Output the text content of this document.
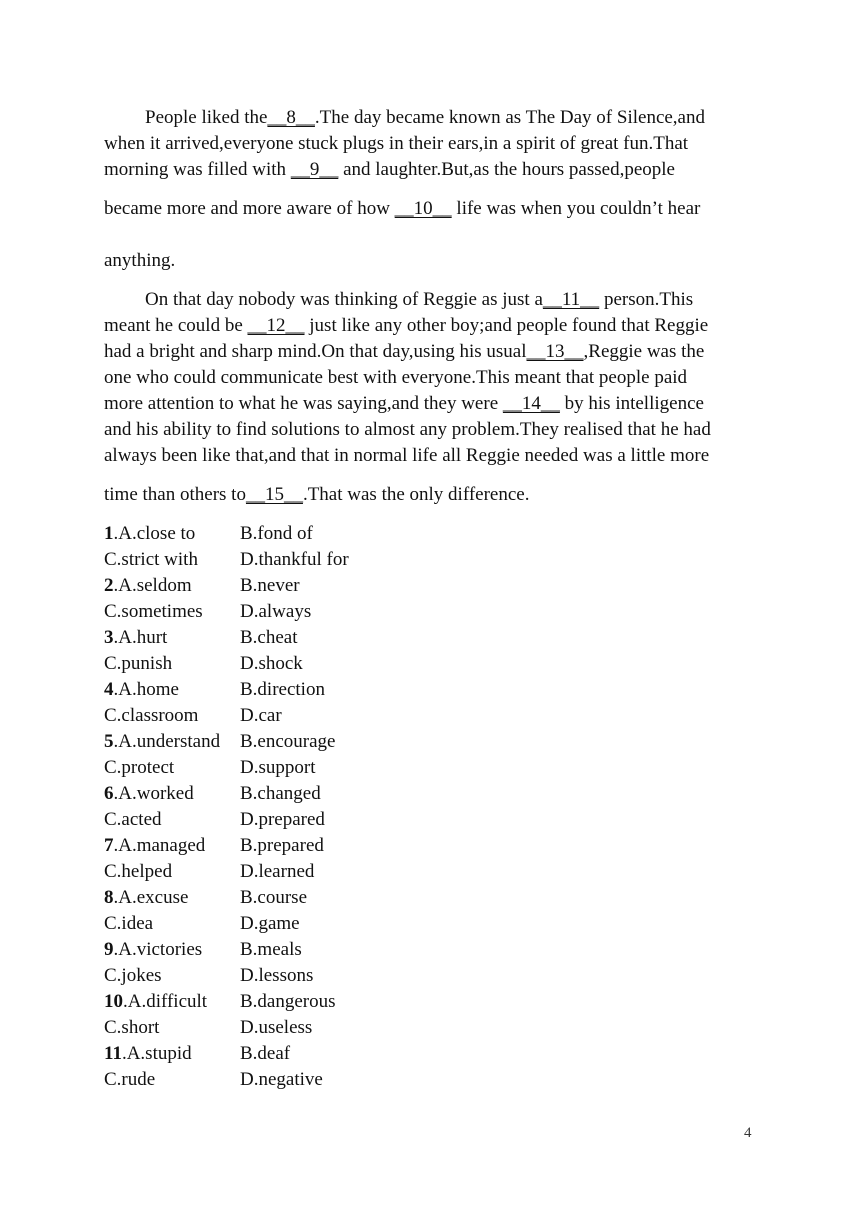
People liked the__8__.The day became known as The Day of Silence,and
when it arrived,everyone stuck plugs in their ears,in a spirit of great fun.That
morning was filled with __9__ and laughter.But,as the hours passed,people
became more and more aware of how __10__ life was when you couldn’t hear
anything.
On that day nobody was thinking of Reggie as just a__11__ person.This
meant he could be __12__ just like any other boy;and people found that Reggie
had a bright and sharp mind.On that day,using his usual__13__,Reggie was the
one who could communicate best with everyone.This meant that people paid
more attention to what he was saying,and they were __14__ by his intelligence
and his ability to find solutions to almost any problem.They realised that he had
always been like that,and that in normal life all Reggie needed was a little more
time than others to__15__.That was the only difference.
1.A.close to B.fond of
C.strict with D.thankful for
2.A.seldom	B.never
C.sometimes D.always
3.A.hurt	B.cheat
C.punish	D.shock
4.A.home	B.direction
C.classroom D.car
5.A.understand B.encourage
C.protect	D.support
6.A.worked B.changed
C.acted	D.prepared
7.A.managed B.prepared
C.helped	D.learned
8.A.excuse	B.course
C.idea	D.game
9.A.victories B.meals
C.jokes	D.lessons
10.A.difficult B.dangerous
C.short	D.useless
11.A.stupid	B.deaf
C.rude	D.negative
4
